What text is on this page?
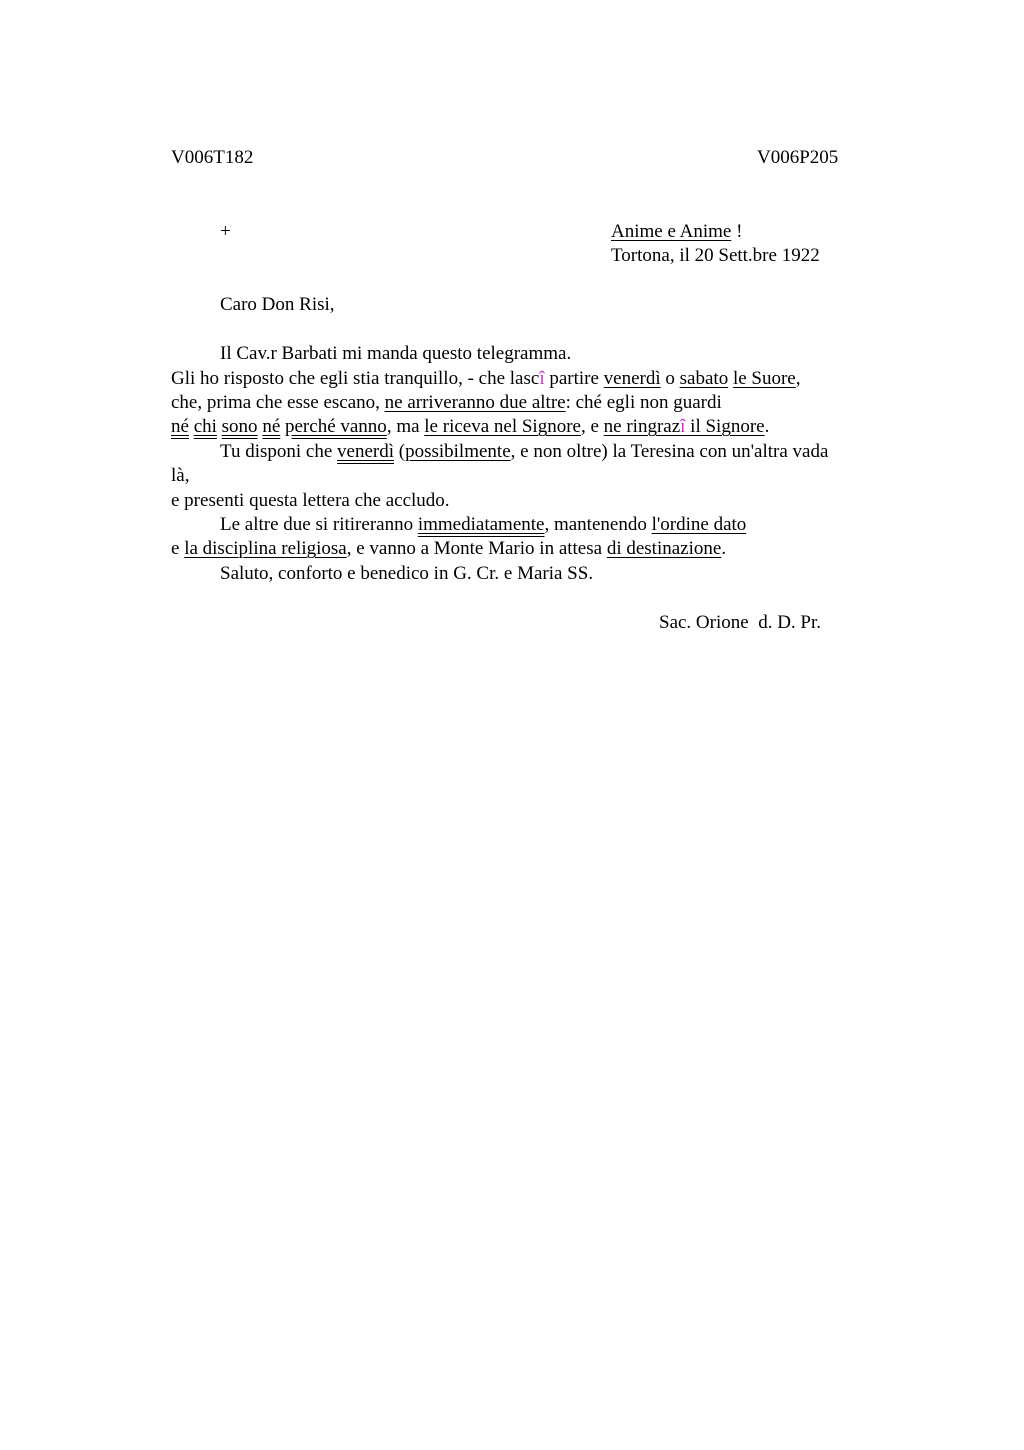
V006T182	V006P205
+	Anime e Anime !
Tortona, il 20 Sett.bre 1922
Caro Don Risi,
Il Cav.r Barbati mi manda questo telegramma.
Gli ho risposto che egli stia tranquillo, - che lascî partire venerdì o sabato le Suore,
che, prima che esse escano, ne arriveranno due altre: ché egli non guardi
né chi sono né perché vanno, ma le riceva nel Signore, e ne ringrazî il Signore.
Tu disponi che venerdì (possibilmente, e non oltre) la Teresina con un'altra vada
là,
e presenti questa lettera che accludo.
Le altre due si ritireranno immediatamente, mantenendo l'ordine dato
e la disciplina religiosa, e vanno a Monte Mario in attesa di destinazione.
Saluto, conforto e benedico in G. Cr. e Maria SS.
Sac. Orione  d. D. Pr.
